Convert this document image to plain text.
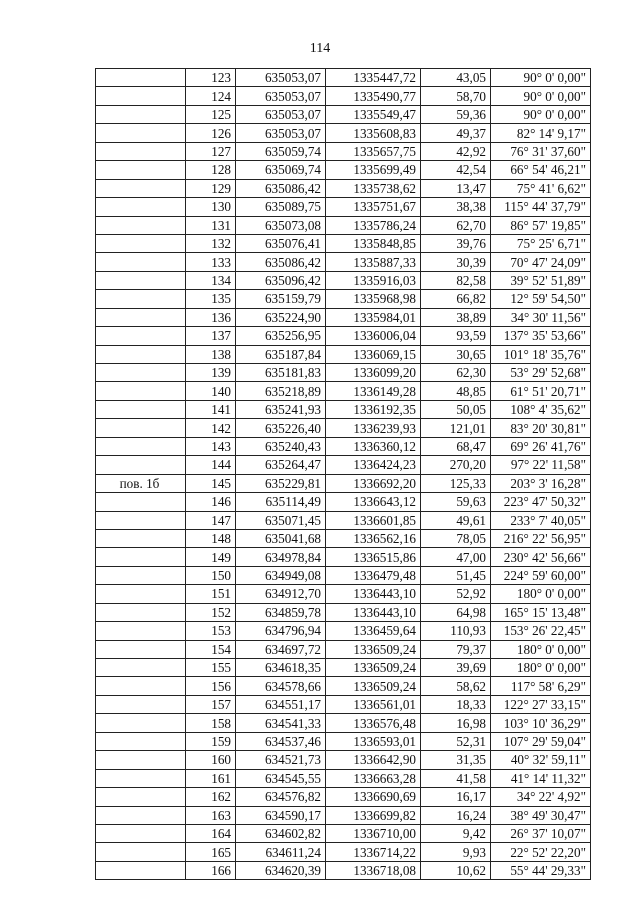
114
	123	635053,07	1335447,72	43,05	90° 0' 0,00"
	124	635053,07	1335490,77	58,70	90° 0' 0,00"
	125	635053,07	1335549,47	59,36	90° 0' 0,00"
	126	635053,07	1335608,83	49,37	82° 14' 9,17"
	127	635059,74	1335657,75	42,92	76° 31' 37,60"
	128	635069,74	1335699,49	42,54	66° 54' 46,21"
	129	635086,42	1335738,62	13,47	75° 41' 6,62"
	130	635089,75	1335751,67	38,38	115° 44' 37,79"
	131	635073,08	1335786,24	62,70	86° 57' 19,85"
	132	635076,41	1335848,85	39,76	75° 25' 6,71"
	133	635086,42	1335887,33	30,39	70° 47' 24,09"
	134	635096,42	1335916,03	82,58	39° 52' 51,89"
	135	635159,79	1335968,98	66,82	12° 59' 54,50"
	136	635224,90	1335984,01	38,89	34° 30' 11,56"
	137	635256,95	1336006,04	93,59	137° 35' 53,66"
	138	635187,84	1336069,15	30,65	101° 18' 35,76"
	139	635181,83	1336099,20	62,30	53° 29' 52,68"
	140	635218,89	1336149,28	48,85	61° 51' 20,71"
	141	635241,93	1336192,35	50,05	108° 4' 35,62"
	142	635226,40	1336239,93	121,01	83° 20' 30,81"
	143	635240,43	1336360,12	68,47	69° 26' 41,76"
	144	635264,47	1336424,23	270,20	97° 22' 11,58"
пов. 1б	145	635229,81	1336692,20	125,33	203° 3' 16,28"
	146	635114,49	1336643,12	59,63	223° 47' 50,32"
	147	635071,45	1336601,85	49,61	233° 7' 40,05"
	148	635041,68	1336562,16	78,05	216° 22' 56,95"
	149	634978,84	1336515,86	47,00	230° 42' 56,66"
	150	634949,08	1336479,48	51,45	224° 59' 60,00"
	151	634912,70	1336443,10	52,92	180° 0' 0,00"
	152	634859,78	1336443,10	64,98	165° 15' 13,48"
	153	634796,94	1336459,64	110,93	153° 26' 22,45"
	154	634697,72	1336509,24	79,37	180° 0' 0,00"
	155	634618,35	1336509,24	39,69	180° 0' 0,00"
	156	634578,66	1336509,24	58,62	117° 58' 6,29"
	157	634551,17	1336561,01	18,33	122° 27' 33,15"
	158	634541,33	1336576,48	16,98	103° 10' 36,29"
	159	634537,46	1336593,01	52,31	107° 29' 59,04"
	160	634521,73	1336642,90	31,35	40° 32' 59,11"
	161	634545,55	1336663,28	41,58	41° 14' 11,32"
	162	634576,82	1336690,69	16,17	34° 22' 4,92"
	163	634590,17	1336699,82	16,24	38° 49' 30,47"
	164	634602,82	1336710,00	9,42	26° 37' 10,07"
	165	634611,24	1336714,22	9,93	22° 52' 22,20"
	166	634620,39	1336718,08	10,62	55° 44' 29,33"
